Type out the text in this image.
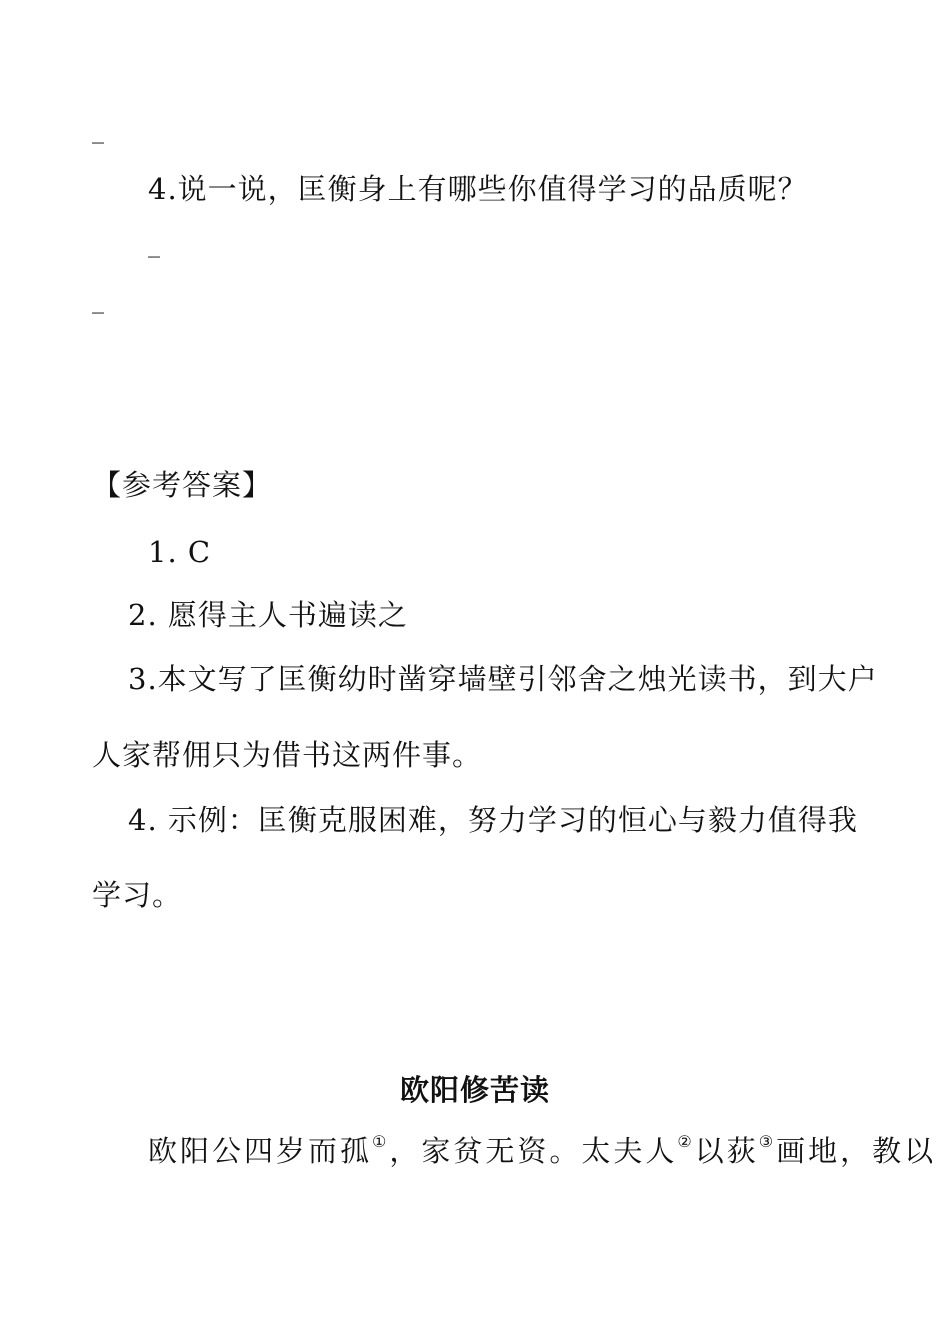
_
4.说一说，匡衡身上有哪些你值得学习的品质呢？
_
_
【参考答案】
1. C
2. 愿得主人书遍读之
3.本文写了匡衡幼时凿穿墙壁引邻舍之烛光读书，到大户
人家帮佣只为借书这两件事。
4. 示例：匡衡克服困难，努力学习的恒心与毅力值得我
学习。
欧阳修苦读
欧阳公四岁而孤①，家贫无资。太夫人②以荻③画地，教以
